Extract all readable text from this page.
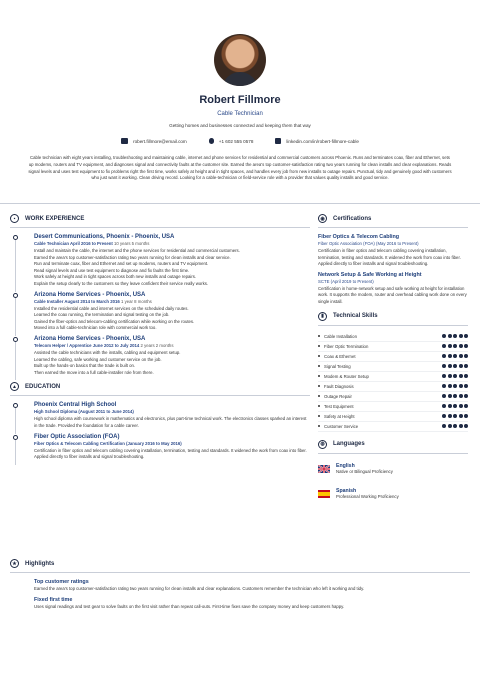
Robert Fillmore
Cable Technician
Getting homes and businesses connected and keeping them that way
robert.fillmore@email.com	+1 602 555 0578	linkedin.com/in/robert-fillmore-cable
Cable technician with eight years installing, troubleshooting and maintaining cable, internet and phone services for residential and commercial customers across Phoenix. Runs and terminates coax, fiber and Ethernet, sets up modems, routers and TV equipment, and diagnoses signal and connectivity faults at the customer site. Earned the area's top customer-satisfaction rating two years running for clean installs and clear explanations. Reads signal levels and uses test equipment to fix problems right the first time, works safely at height and in tight spaces, and handles every job from new installs to outage repairs. Punctual, tidy and genuinely good with customers who just want it working. Clean driving record. Looking for a cable-technician or field-service role with a provider that values quality installs and good service.
▪	WORK EXPERIENCE
Desert Communications, Phoenix - Phoenix, USA
Cable Technician April 2016 to Present 10 years 5 months
Install and maintain the cable, the internet and the phone services for residential and commercial customers.
Earned the area's top customer-satisfaction rating two years running for clean installs and clear service.
Run and terminate coax, fiber and Ethernet and set up modems, routers and TV equipment.
Read signal levels and use test equipment to diagnose and fix faults the first time.
Work safely at height and in tight spaces across both new installs and outage repairs.
Explain the setup clearly to the customers so they leave confident their service really works.
Arizona Home Services - Phoenix, USA
Cable Installer August 2014 to March 2016 1 year 8 months
Installed the residential cable and internet services on the scheduled daily routes.
Learned the coax running, the termination and signal testing on the job.
Gained the fiber-optics and telecom-cabling certification while working on the routes.
Moved into a full cable-technician role with commercial work too.
Arizona Home Services - Phoenix, USA
Telecom Helper / Apprentice June 2012 to July 2014 2 years 2 months
Assisted the cable technicians with the installs, cabling and equipment setup.
Learned the cabling, safe working and customer service on the job.
Built up the hands-on basics that the trade is built on.
Then earned the move into a full cable-installer role from there.
▲	EDUCATION
Phoenix Central High School
High School Diploma (August 2011 to June 2014)
High school diploma with coursework in mathematics and electronics, plus part-time technical work. The electronics classes sparked an interest in the trade. Provided the foundation for a cable career.
Fiber Optic Association (FOA)
Fiber Optics & Telecom Cabling Certification (January 2016 to May 2016)
Certification in fiber optics and telecom cabling covering installation, termination, testing and standards. It widened the work from coax into fiber. Applied directly to fiber installs and signal troubleshooting.
◉	Certifications
Fiber Optics & Telecom Cabling
Fiber Optic Association (FOA) (May 2016 to Present)
Certification in fiber optics and telecom cabling covering installation, termination, testing and standards. It widened the work from coax into fiber. Applied directly to fiber installs and signal troubleshooting.
Network Setup & Safe Working at Height
SCTE (April 2019 to Present)
Certification in home-network setup and safe working at height for installation work. It supports the modem, router and overhead cabling work done on every single install.
▮	Technical Skills
Cable Installation
Fiber Optic Termination
Coax & Ethernet
Signal Testing
Modem & Router Setup
Fault Diagnosis
Outage Repair
Test Equipment
Safety at Height
Customer Service
◍	Languages
English
Native or Bilingual Proficiency
Spanish
Professional Working Proficiency
★	Highlights
Top customer ratings
Earned the area's top customer-satisfaction rating two years running for clean installs and clear explanations. Customers remember the technician who left it working and tidy.
Fixed first time
Uses signal readings and test gear to solve faults on the first visit rather than repeat call-outs. First-time fixes save the company money and keep customers happy.
